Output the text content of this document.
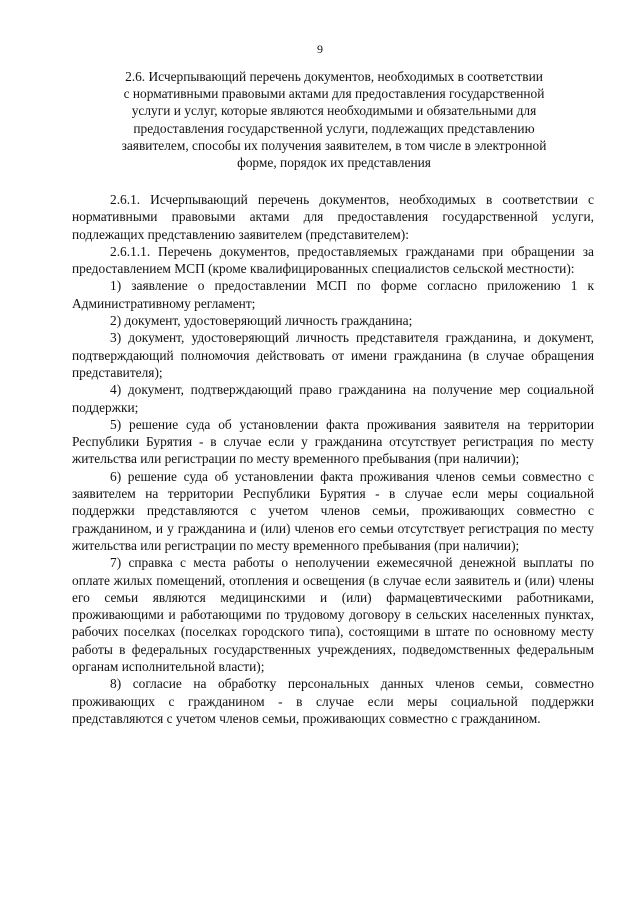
9
2.6. Исчерпывающий перечень документов, необходимых в соответствии
с нормативными правовыми актами для предоставления государственной
услуги и услуг, которые являются необходимыми и обязательными для
предоставления государственной услуги, подлежащих представлению
заявителем, способы их получения заявителем, в том числе в электронной
форме, порядок их представления

2.6.1. Исчерпывающий перечень документов, необходимых в соответствии с нормативными правовыми актами для предоставления государственной услуги, подлежащих представлению заявителем (представителем):

2.6.1.1. Перечень документов, предоставляемых гражданами при обращении за предоставлением МСП (кроме квалифицированных специалистов сельской местности):

1) заявление о предоставлении МСП по форме согласно приложению 1 к Административному регламент;

2) документ, удостоверяющий личность гражданина;

3) документ, удостоверяющий личность представителя гражданина, и документ, подтверждающий полномочия действовать от имени гражданина (в случае обращения представителя);

4) документ, подтверждающий право гражданина на получение мер социальной поддержки;

5) решение суда об установлении факта проживания заявителя на территории Республики Бурятия - в случае если у гражданина отсутствует регистрация по месту жительства или регистрации по месту временного пребывания (при наличии);

6) решение суда об установлении факта проживания членов семьи совместно с заявителем на территории Республики Бурятия - в случае если меры социальной поддержки представляются с учетом членов семьи, проживающих совместно с гражданином, и у гражданина и (или) членов его семьи отсутствует регистрация по месту жительства или регистрации по месту временного пребывания (при наличии);

7) справка с места работы о неполучении ежемесячной денежной выплаты по оплате жилых помещений, отопления и освещения (в случае если заявитель и (или) члены его семьи являются медицинскими и (или) фармацевтическими работниками, проживающими и работающими по трудовому договору в сельских населенных пунктах, рабочих поселках (поселках городского типа), состоящими в штате по основному месту работы в федеральных государственных учреждениях, подведомственных федеральным органам исполнительной власти);

8) согласие на обработку персональных данных членов семьи, совместно проживающих с гражданином - в случае если меры социальной поддержки представляются с учетом членов семьи, проживающих совместно с гражданином.
